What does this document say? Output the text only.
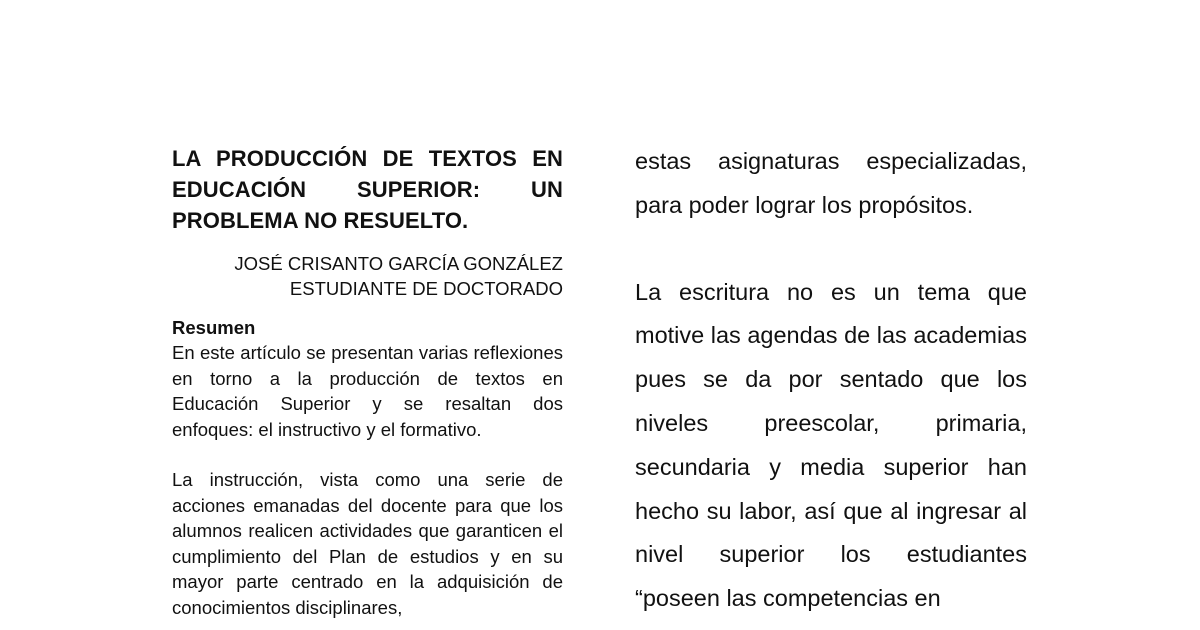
LA PRODUCCIÓN DE TEXTOS EN EDUCACIÓN SUPERIOR: UN PROBLEMA NO RESUELTO.
JOSÉ CRISANTO GARCÍA GONZÁLEZ
ESTUDIANTE DE DOCTORADO
Resumen

En este artículo se presentan varias reflexiones en torno a la producción de textos en Educación Superior y se resaltan dos enfoques: el instructivo y el formativo.

La instrucción, vista como una serie de acciones emanadas del docente para que los alumnos realicen actividades que garanticen el cumplimiento del Plan de estudios y en su mayor parte centrado en la adquisición de conocimientos disciplinares,

estas asignaturas especializadas, para poder lograr los propósitos.

La escritura no es un tema que motive las agendas de las academias pues se da por sentado que los niveles preescolar, primaria, secundaria y media superior han hecho su labor, así que al ingresar al nivel superior los estudiantes “poseen las competencias en
